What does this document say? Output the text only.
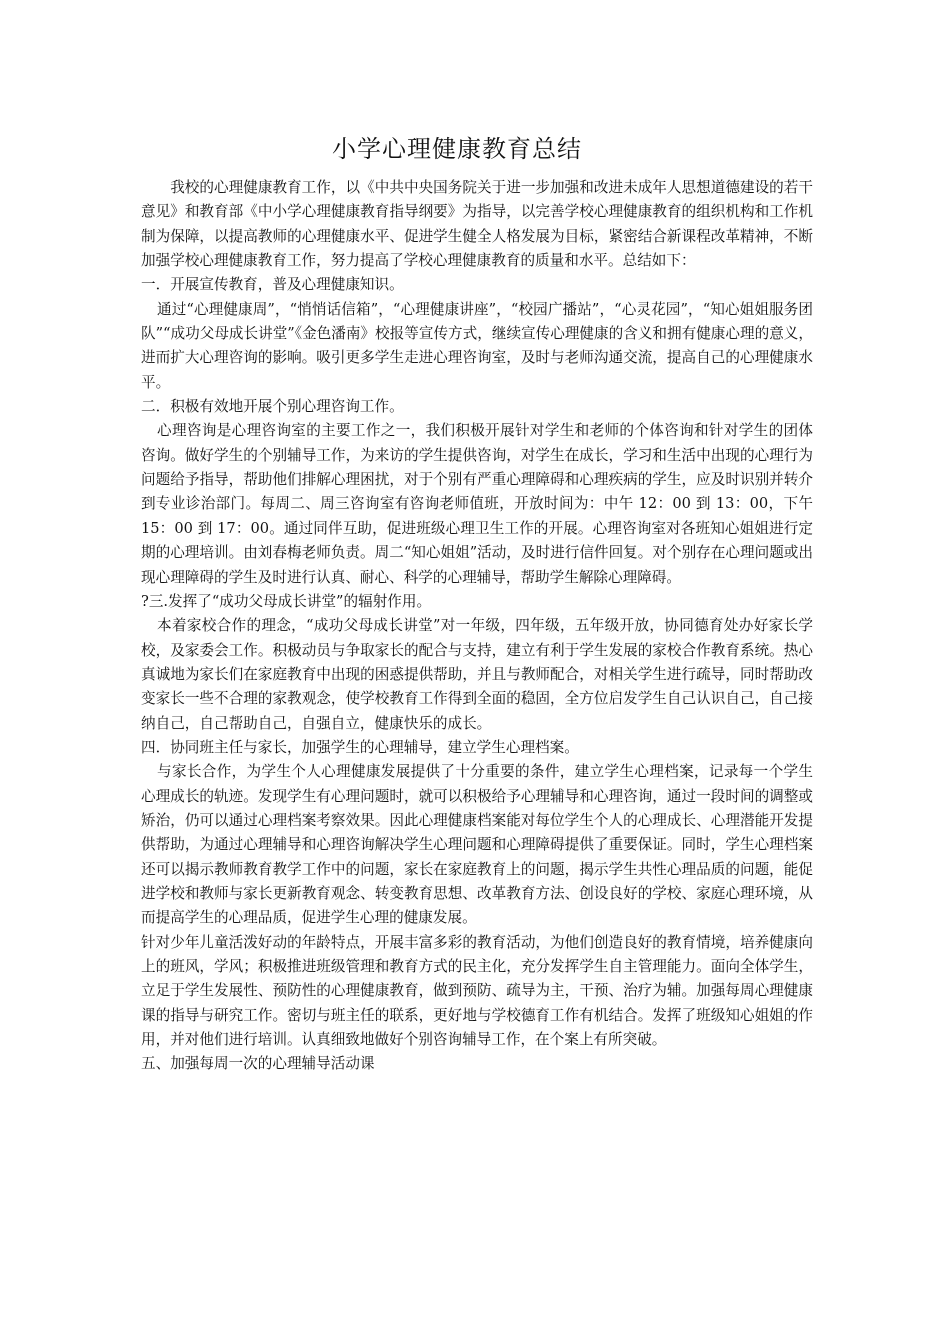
小学心理健康教育总结

我校的心理健康教育工作，以《中共中央国务院关于进一步加强和改进未成年人思想道德建设的若干意见》和教育部《中小学心理健康教育指导纲要》为指导，以完善学校心理健康教育的组织机构和工作机制为保障，以提高教师的心理健康水平、促进学生健全人格发展为目标，紧密结合新课程改革精神，不断加强学校心理健康教育工作，努力提高了学校心理健康教育的质量和水平。总结如下：

一．开展宣传教育，普及心理健康知识。

通过“心理健康周”，“悄悄话信箱”，“心理健康讲座”，“校园广播站”，“心灵花园”，“知心姐姐服务团队”“成功父母成长讲堂”《金色潘南》校报等宣传方式，继续宣传心理健康的含义和拥有健康心理的意义，进而扩大心理咨询的影响。吸引更多学生走进心理咨询室，及时与老师沟通交流，提高自己的心理健康水平。

二．积极有效地开展个别心理咨询工作。

心理咨询是心理咨询室的主要工作之一，我们积极开展针对学生和老师的个体咨询和针对学生的团体咨询。做好学生的个别辅导工作，为来访的学生提供咨询，对学生在成长，学习和生活中出现的心理行为问题给予指导，帮助他们排解心理困扰，对于个别有严重心理障碍和心理疾病的学生，应及时识别并转介到专业诊治部门。每周二、周三咨询室有咨询老师值班，开放时间为：中午 12：00 到 13：00，下午 15：00 到 17：00。通过同伴互助，促进班级心理卫生工作的开展。心理咨询室对各班知心姐姐进行定期的心理培训。由刘春梅老师负责。周二“知心姐姐”活动，及时进行信件回复。对个别存在心理问题或出现心理障碍的学生及时进行认真、耐心、科学的心理辅导，帮助学生解除心理障碍。

?三.发挥了“成功父母成长讲堂”的辐射作用。

本着家校合作的理念，“成功父母成长讲堂”对一年级，四年级，五年级开放，协同德育处办好家长学校，及家委会工作。积极动员与争取家长的配合与支持，建立有利于学生发展的家校合作教育系统。热心真诚地为家长们在家庭教育中出现的困惑提供帮助，并且与教师配合，对相关学生进行疏导，同时帮助改变家长一些不合理的家教观念，使学校教育工作得到全面的稳固，全方位启发学生自己认识自己，自己接纳自己，自己帮助自己，自强自立，健康快乐的成长。

四．协同班主任与家长，加强学生的心理辅导，建立学生心理档案。

与家长合作，为学生个人心理健康发展提供了十分重要的条件，建立学生心理档案，记录每一个学生心理成长的轨迹。发现学生有心理问题时，就可以积极给予心理辅导和心理咨询，通过一段时间的调整或矫治，仍可以通过心理档案考察效果。因此心理健康档案能对每位学生个人的心理成长、心理潜能开发提供帮助，为通过心理辅导和心理咨询解决学生心理问题和心理障碍提供了重要保证。同时，学生心理档案还可以揭示教师教育教学工作中的问题，家长在家庭教育上的问题，揭示学生共性心理品质的问题，能促进学校和教师与家长更新教育观念、转变教育思想、改革教育方法、创设良好的学校、家庭心理环境，从而提高学生的心理品质，促进学生心理的健康发展。

针对少年儿童活泼好动的年龄特点，开展丰富多彩的教育活动，为他们创造良好的教育情境，培养健康向上的班风，学风；积极推进班级管理和教育方式的民主化，充分发挥学生自主管理能力。面向全体学生，立足于学生发展性、预防性的心理健康教育，做到预防、疏导为主，干预、治疗为辅。加强每周心理健康课的指导与研究工作。密切与班主任的联系，更好地与学校德育工作有机结合。发挥了班级知心姐姐的作用，并对他们进行培训。认真细致地做好个别咨询辅导工作，在个案上有所突破。

五、加强每周一次的心理辅导活动课
